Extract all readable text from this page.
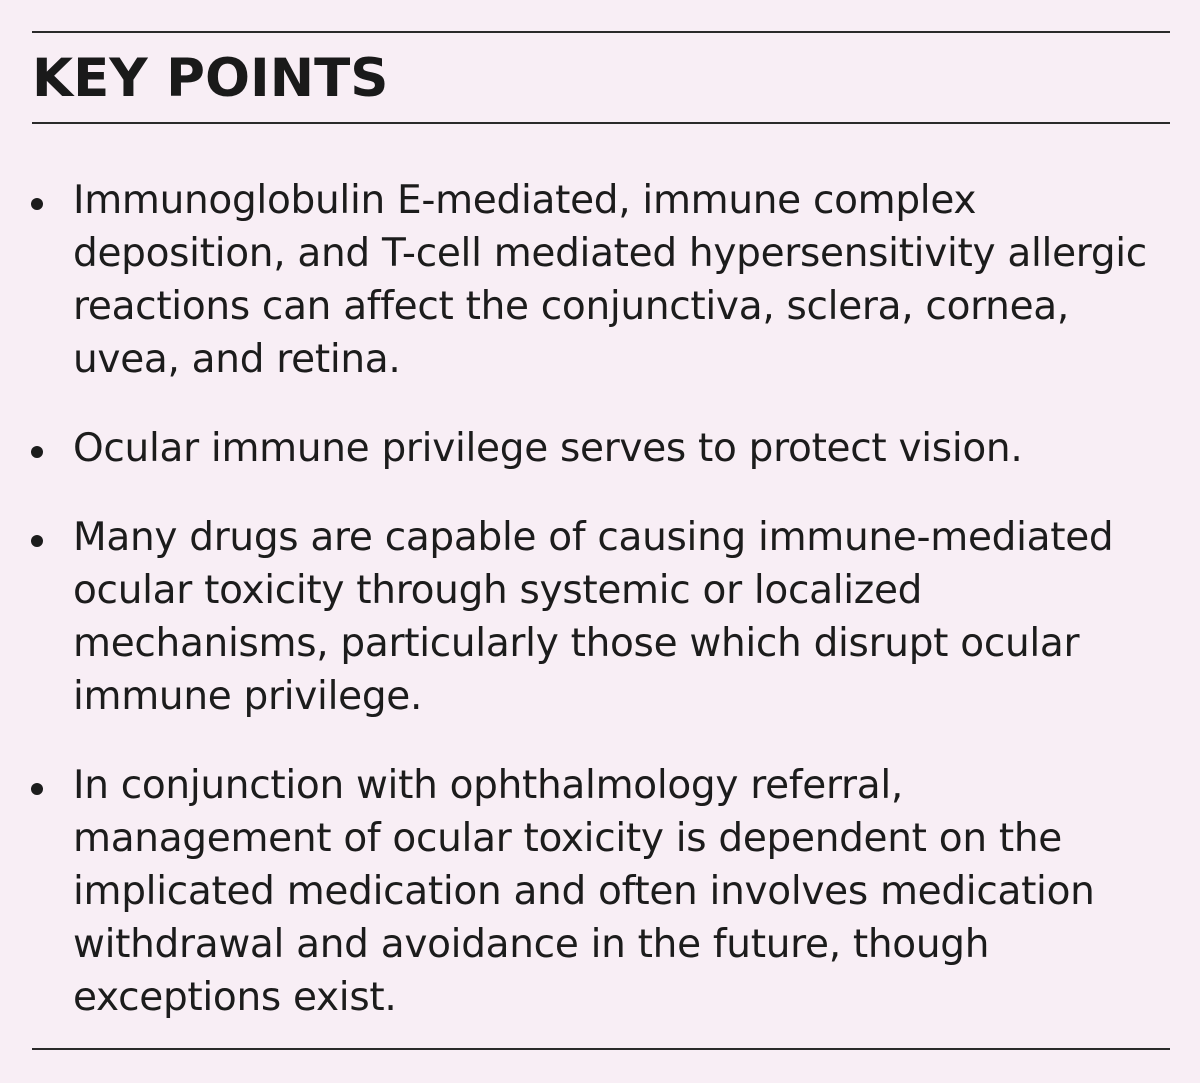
KEY POINTS
Immunoglobulin E-mediated, immune complex deposition, and T-cell mediated hypersensitivity allergic reactions can affect the conjunctiva, sclera, cornea, uvea, and retina.
Ocular immune privilege serves to protect vision.
Many drugs are capable of causing immune-mediated ocular toxicity through systemic or localized mechanisms, particularly those which disrupt ocular immune privilege.
In conjunction with ophthalmology referral, management of ocular toxicity is dependent on the implicated medication and often involves medication withdrawal and avoidance in the future, though exceptions exist.
